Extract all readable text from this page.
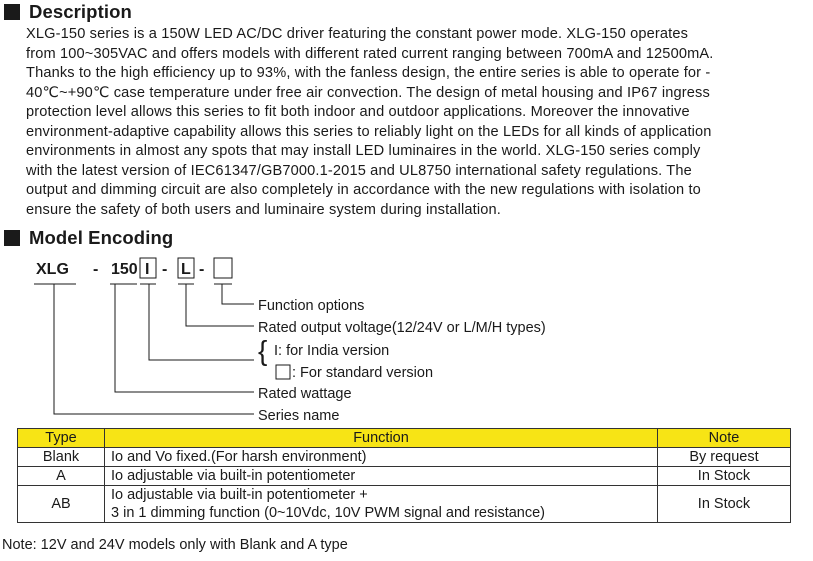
Description

XLG-150 series is a 150W LED AC/DC driver featuring the constant power mode. XLG-150 operates
from 100~305VAC and offers models with different rated current ranging between 700mA and 12500mA.
Thanks to the high efficiency up to 93%, with the fanless design, the entire series is able to operate for -
40℃~+90℃ case temperature under free air convection. The design of metal housing and IP67 ingress
protection level allows this series to fit both indoor and outdoor applications. Moreover the innovative
environment-adaptive capability allows this series to reliably light on the LEDs for all kinds of application
environments in almost any spots that may install LED luminaires in the world. XLG-150 series comply
with the latest version of IEC61347/GB7000.1-2015 and UL8750 international safety regulations. The
output and dimming circuit are also completely in accordance with the new regulations with isolation to
ensure the safety of both users and luminaire system during installation.

Model Encoding
XLG - 150 I - L -
Function options
Rated output voltage(12/24V or L/M/H types)
{ I: for India version
: For standard version
Rated wattage
Series name
Type	Function	Note
Blank	Io and Vo fixed.(For harsh environment)	By request
A	Io adjustable via built-in potentiometer	In Stock
AB	Io adjustable via built-in potentiometer +
3 in 1 dimming function (0~10Vdc, 10V PWM signal and resistance)	In Stock
Note: 12V and 24V models only with Blank and A type
